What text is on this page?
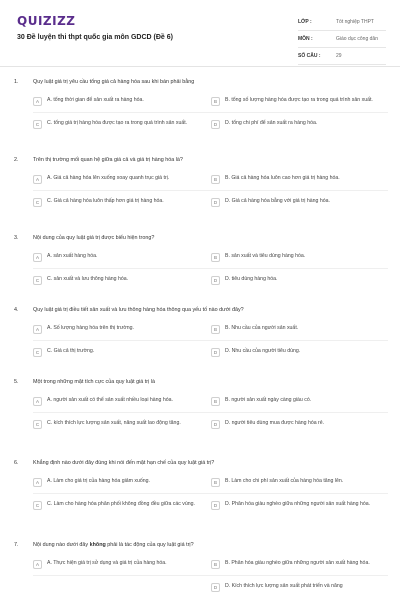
QUIZIZZ
30 Đề luyện thi thpt quốc gia môn GDCD (Đề 6)
LỚP :	Tốt nghiệp THPT
MÔN :	Giáo dục công dân
SỐ CÂU :	29
1.	Quy luật giá trị yêu cầu tổng giá cả hàng hóa sau khi bán phải bằng
A	A. tổng thời gian để sản xuất ra hàng hóa.	B	B. tổng số lượng hàng hóa được tạo ra trong quá trình sản xuất.
C	C. tổng giá trị hàng hóa được tạo ra trong quá trình sản xuất.	D	D. tổng chi phí để sản xuất ra hàng hóa.
2.	Trên thị trường mối quan hệ giữa giá cả và giá trị hàng hóa là?
A	A. Giá cả hàng hóa lên xuống xoay quanh trục giá trị.	B	B. Giá cả hàng hóa luôn cao hơn giá trị hàng hóa.
C	C. Giá cả hàng hóa luôn thấp hơn giá trị hàng hóa.	D	D. Giá cả hàng hóa bằng với giá trị hàng hóa.
3.	Nội dung của quy luật giá trị được biểu hiện trong?
A	A. sản xuất hàng hóa.	B	B. sản xuất và tiêu dùng hàng hóa.
C	C. sản xuất và lưu thông hàng hóa.	D	D. tiêu dùng hàng hóa.
4.	Quy luật giá trị điều tiết sản xuất và lưu thông hàng hóa thông qua yếu tố nào dưới đây?
A	A. Số lượng hàng hóa trên thị trường.	B	B. Nhu cầu của người sản xuất.
C	C. Giá cả thị trường.	D	D. Nhu cầu của người tiêu dùng.
5.	Một trong những mặt tích cực của quy luật giá trị là
A	A. người sản xuất có thể sản xuất nhiều loại hàng hóa.	B	B. người sản xuất ngày càng giàu có.
C	C. kích thích lực lượng sản xuất, năng suất lao động tăng.	D	D. người tiêu dùng mua được hàng hóa rẻ.
6.	Khẳng định nào dưới đây đúng khi nói đến mặt hạn chế của quy luật giá trị?
A	A. Làm cho giá trị của hàng hóa giảm xuống.	B	B. Làm cho chi phí sản xuất của hàng hóa tăng lên.
C	C. Làm cho hàng hóa phân phối không đồng đều giữa các vùng.	D	D. Phân hóa giàu nghèo giữa những người sản xuất hàng hóa.
7.	Nội dung nào dưới đây không phải là tác động của quy luật giá trị?
A	A. Thực hiện giá trị sử dụng và giá trị của hàng hóa.	B	B. Phân hóa giàu nghèo giữa những người sản xuất hàng hóa.
D	D. Kích thích lực lượng sản xuất phát triển và năng
